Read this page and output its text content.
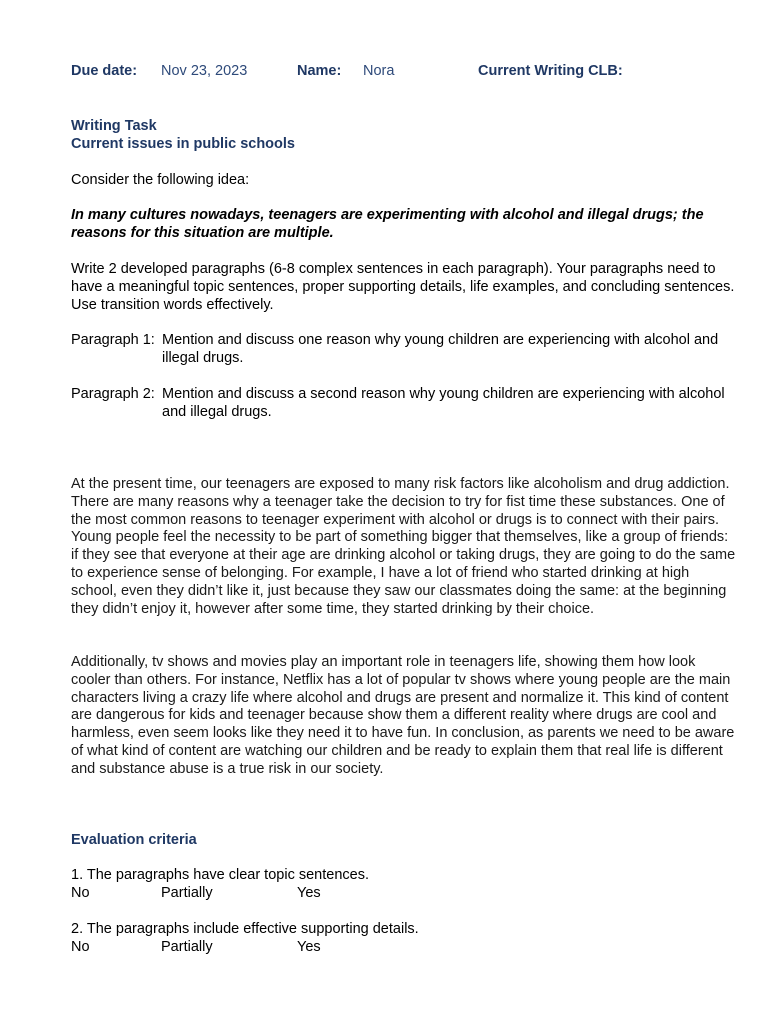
Due date: Nov 23, 2023	Name: Nora	Current Writing CLB:
Writing Task
Current issues in public schools

Consider the following idea:

In many cultures nowadays, teenagers are experimenting with alcohol and illegal drugs; the reasons for this situation are multiple.

Write 2 developed paragraphs (6-8 complex sentences in each paragraph). Your paragraphs need to have a meaningful topic sentences, proper supporting details, life examples, and concluding sentences. Use transition words effectively.

Paragraph 1: Mention and discuss one reason why young children are experiencing with alcohol and illegal drugs.
Paragraph 2: Mention and discuss a second reason why young children are experiencing with alcohol and illegal drugs.

At the present time, our teenagers are exposed to many risk factors like alcoholism and drug addiction. There are many reasons why a teenager take the decision to try for fist time these substances. One of the most common reasons to teenager experiment with alcohol or drugs is to connect with their pairs. Young people feel the necessity to be part of something bigger that themselves, like a group of friends: if they see that everyone at their age are drinking alcohol or taking drugs, they are going to do the same to experience sense of belonging. For example, I have a lot of friend who started drinking at high school, even they didn’t like it, just because they saw our classmates doing the same: at the beginning they didn’t enjoy it, however after some time, they started drinking by their choice.

Additionally, tv shows and movies play an important role in teenagers life, showing them how look cooler than others. For instance, Netflix has a lot of popular tv shows where young people are the main characters living a crazy life where alcohol and drugs are present and normalize it. This kind of content are dangerous for kids and teenager because show them a different reality where drugs are cool and harmless, even seem looks like they need it to have fun. In conclusion, as parents we need to be aware of what kind of content are watching our children and be ready to explain them that real life is different and substance abuse is a true risk in our society.

Evaluation criteria

1. The paragraphs have clear topic sentences.

No	Partially	Yes

2. The paragraphs include effective supporting details.

No	Partially	Yes
